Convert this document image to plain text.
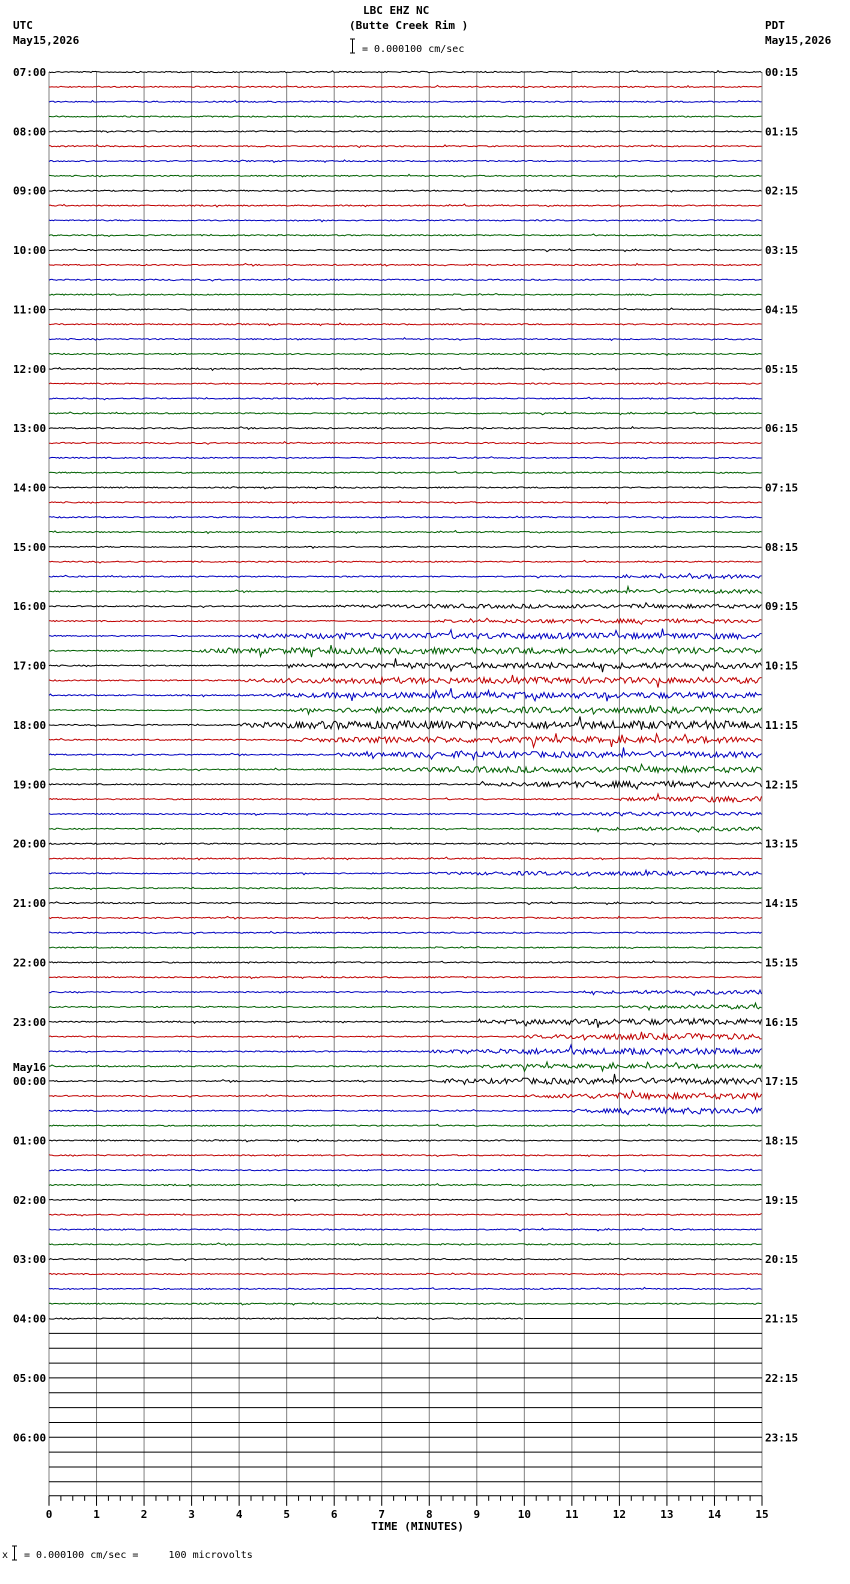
LBC EHZ NC
(Butte Creek Rim )
= 0.000100 cm/sec
UTC
May15,2026
PDT
May15,2026
07:00
08:00
09:00
10:00
11:00
12:00
13:00
14:00
15:00
16:00
17:00
18:00
19:00
20:00
21:00
22:00
23:00
00:00
May16
01:00
02:00
03:00
04:00
05:00
06:00
00:15
01:15
02:15
03:15
04:15
05:15
06:15
07:15
08:15
09:15
10:15
11:15
12:15
13:15
14:15
15:15
16:15
17:15
18:15
19:15
20:15
21:15
22:15
23:15
0	1	2	3	4	5	6	7	8	9	10	11	12	13	14	15
TIME (MINUTES)
x = 0.000100 cm/sec =     100 microvolts
